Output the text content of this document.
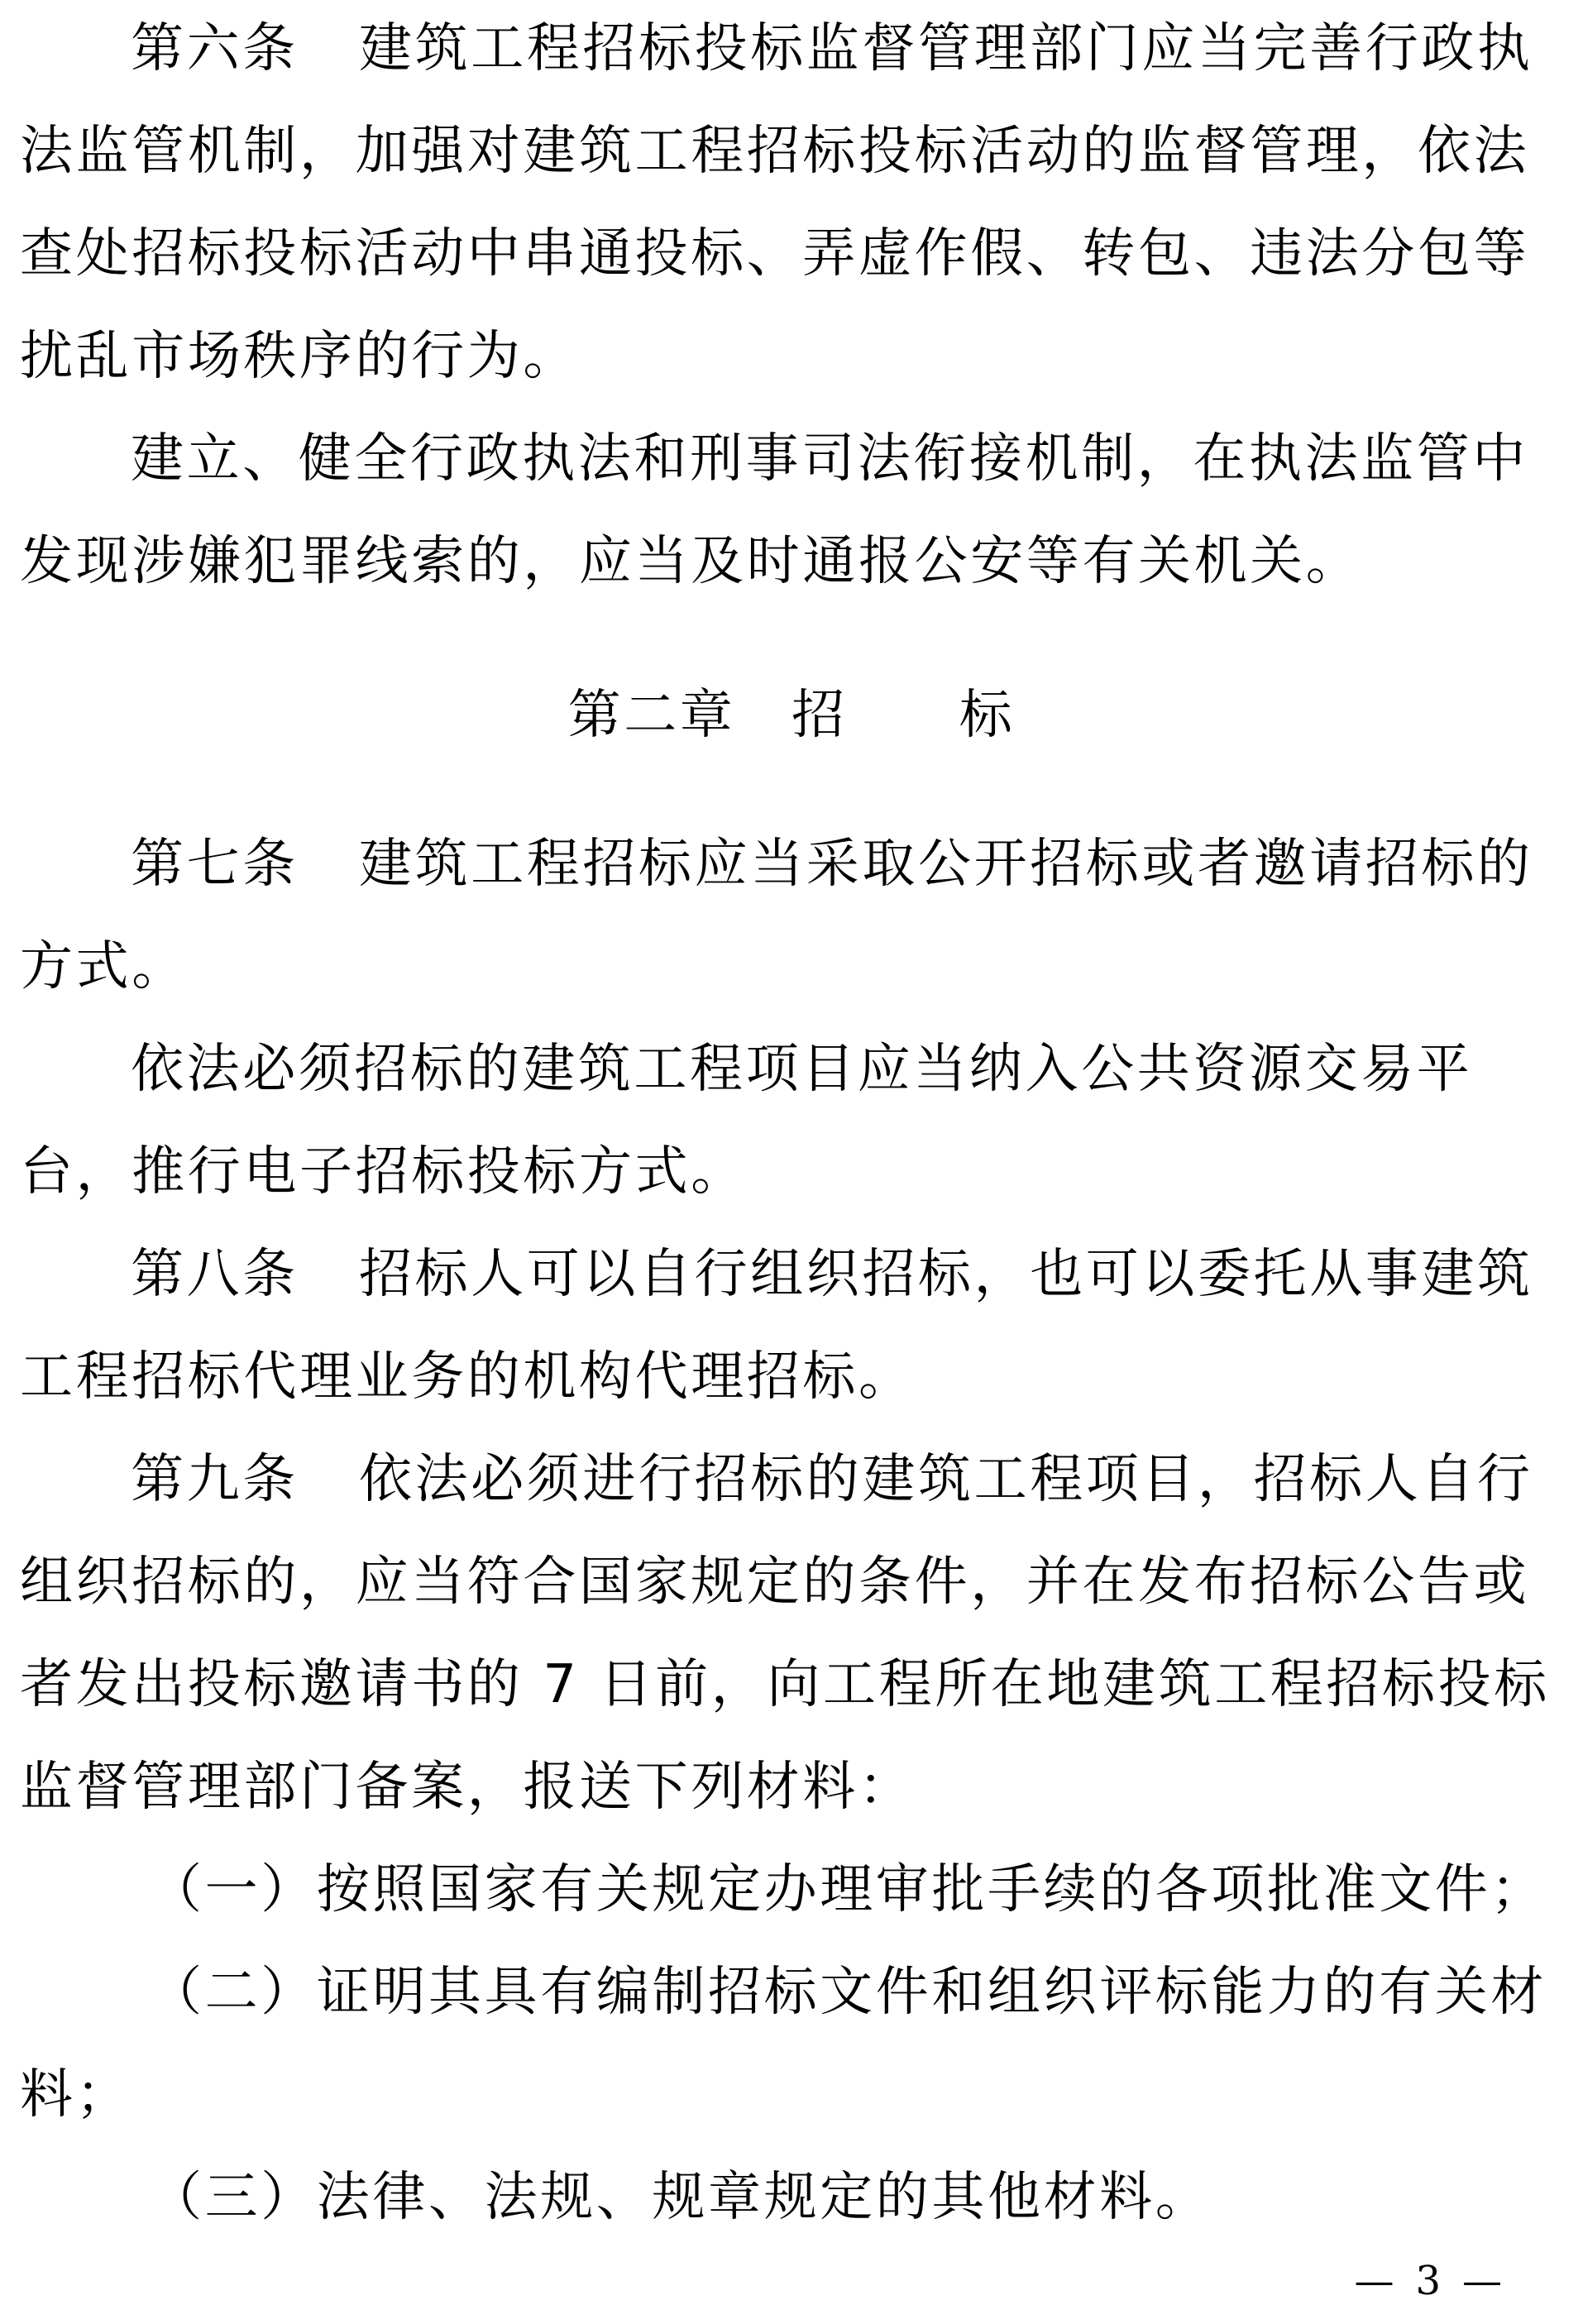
第六条 建筑工程招标投标监督管理部门应当完善行政执
法监管机制，加强对建筑工程招标投标活动的监督管理，依法
查处招标投标活动中串通投标、弄虚作假、转包、违法分包等
扰乱市场秩序的行为。
建立、健全行政执法和刑事司法衔接机制，在执法监管中
发现涉嫌犯罪线索的，应当及时通报公安等有关机关。
第二章　招　　标
第七条 建筑工程招标应当采取公开招标或者邀请招标的
方式。
依法必须招标的建筑工程项目应当纳入公共资源交易平
台，推行电子招标投标方式。
第八条 招标人可以自行组织招标，也可以委托从事建筑
工程招标代理业务的机构代理招标。
第九条 依法必须进行招标的建筑工程项目，招标人自行
组织招标的，应当符合国家规定的条件，并在发布招标公告或
者发出投标邀请书的 7 日前，向工程所在地建筑工程招标投标
监督管理部门备案，报送下列材料：
（一）按照国家有关规定办理审批手续的各项批准文件；
（二）证明其具有编制招标文件和组织评标能力的有关材
料；
（三）法律、法规、规章规定的其他材料。
— 3 —
